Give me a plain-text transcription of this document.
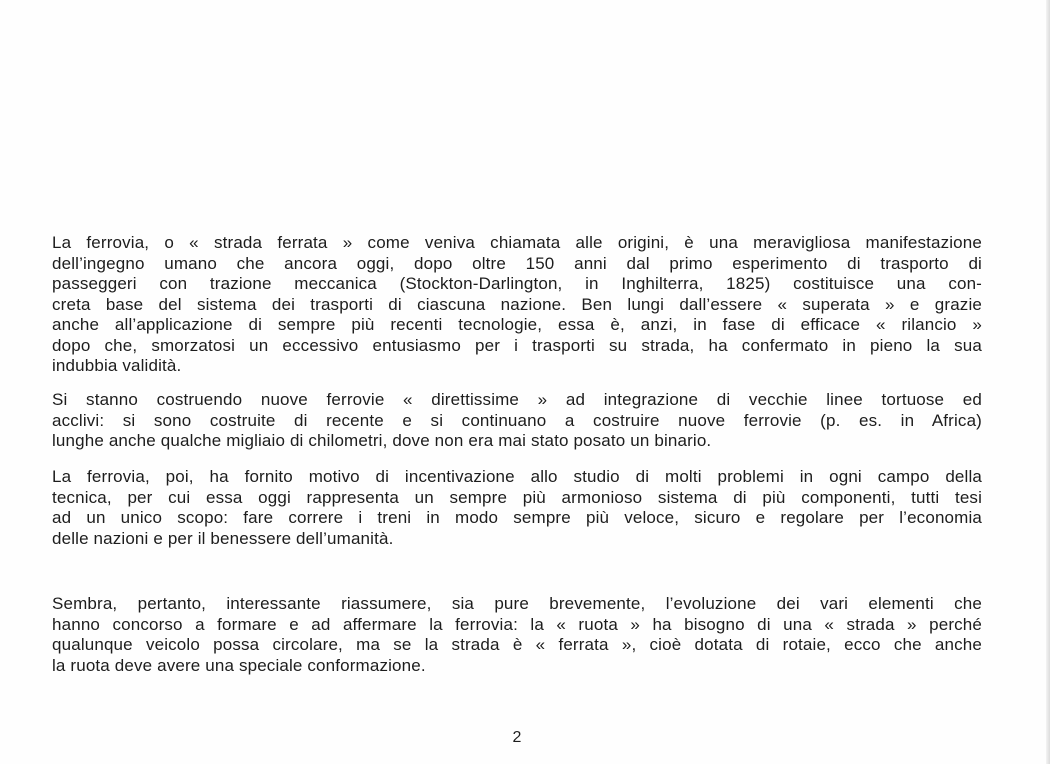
La ferrovia, o « strada ferrata » come veniva chiamata alle origini, è una meravigliosa manifestazione
dell’ingegno umano che ancora oggi, dopo oltre 150 anni dal primo esperimento di trasporto di
passeggeri con trazione meccanica (Stockton-Darlington, in Inghilterra, 1825) costituisce una con-
creta base del sistema dei trasporti di ciascuna nazione. Ben lungi dall’essere « superata » e grazie
anche all’applicazione di sempre più recenti tecnologie, essa è, anzi, in fase di efficace « rilancio »
dopo che, smorzatosi un eccessivo entusiasmo per i trasporti su strada, ha confermato in pieno la sua
indubbia validità.
Si stanno costruendo nuove ferrovie « direttissime » ad integrazione di vecchie linee tortuose ed
acclivi: si sono costruite di recente e si continuano a costruire nuove ferrovie (p. es. in Africa)
lunghe anche qualche migliaio di chilometri, dove non era mai stato posato un binario.
La ferrovia, poi, ha fornito motivo di incentivazione allo studio di molti problemi in ogni campo della
tecnica, per cui essa oggi rappresenta un sempre più armonioso sistema di più componenti, tutti tesi
ad un unico scopo: fare correre i treni in modo sempre più veloce, sicuro e regolare per l’economia
delle nazioni e per il benessere dell’umanità.
Sembra, pertanto, interessante riassumere, sia pure brevemente, l’evoluzione dei vari elementi che
hanno concorso a formare e ad affermare la ferrovia: la « ruota » ha bisogno di una « strada » perché
qualunque veicolo possa circolare, ma se la strada è « ferrata », cioè dotata di rotaie, ecco che anche
la ruota deve avere una speciale conformazione.
2
